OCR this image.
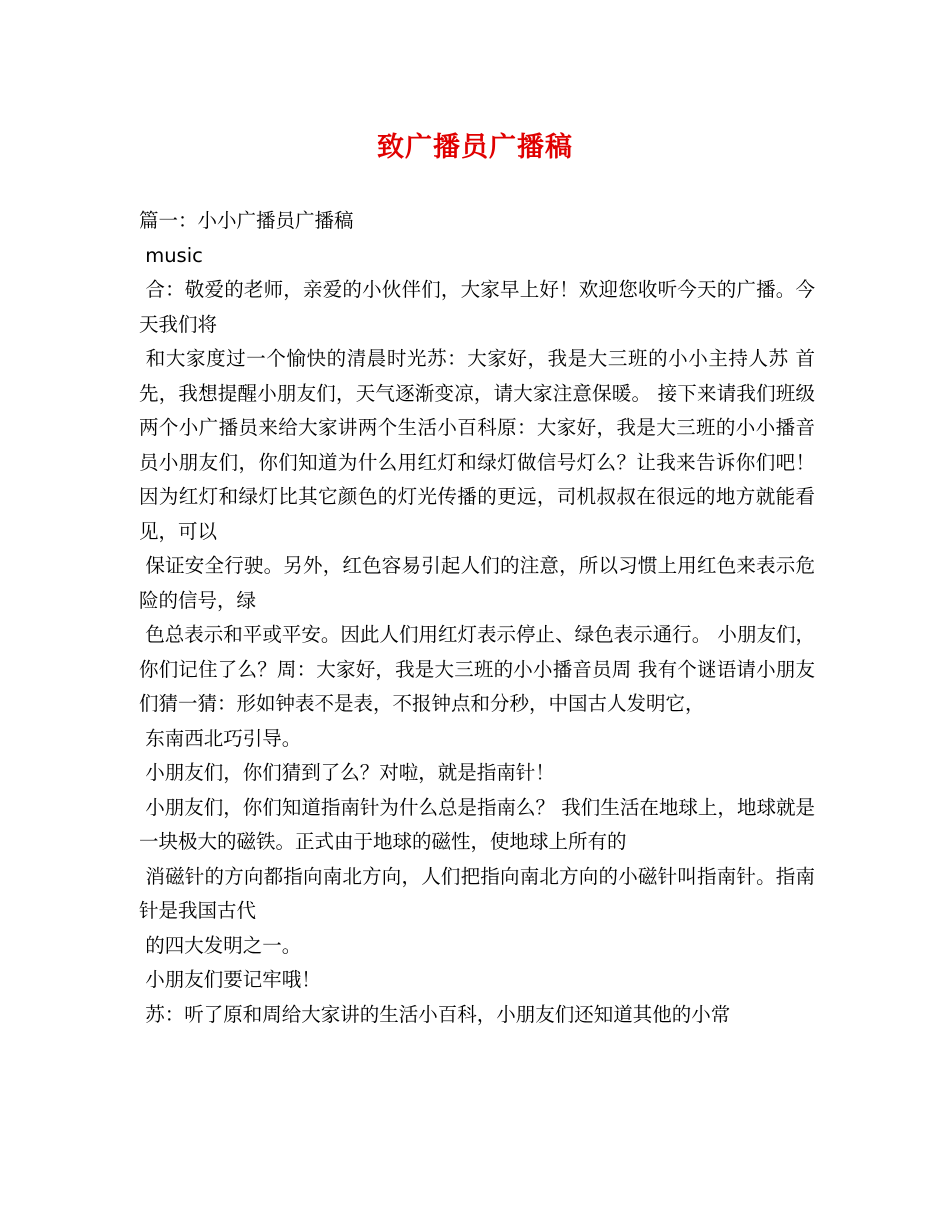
致广播员广播稿

篇一：小小广播员广播稿

music

合：敬爱的老师，亲爱的小伙伴们，大家早上好！欢迎您收听今天的广播。今天我们将

和大家度过一个愉快的清晨时光苏：大家好，我是大三班的小小主持人苏 首先，我想提醒小朋友们，天气逐渐变凉，请大家注意保暖。 接下来请我们班级两个小广播员来给大家讲两个生活小百科原：大家好，我是大三班的小小播音员小朋友们，你们知道为什么用红灯和绿灯做信号灯么？让我来告诉你们吧！ 因为红灯和绿灯比其它颜色的灯光传播的更远，司机叔叔在很远的地方就能看见，可以

保证安全行驶。另外，红色容易引起人们的注意，所以习惯上用红色来表示危险的信号，绿

色总表示和平或平安。因此人们用红灯表示停止、绿色表示通行。 小朋友们，你们记住了么？周：大家好，我是大三班的小小播音员周 我有个谜语请小朋友们猜一猜：形如钟表不是表，不报钟点和分秒，中国古人发明它，

东南西北巧引导。

小朋友们，你们猜到了么？对啦，就是指南针！

小朋友们，你们知道指南针为什么总是指南么？ 我们生活在地球上，地球就是一块极大的磁铁。正式由于地球的磁性，使地球上所有的

消磁针的方向都指向南北方向，人们把指向南北方向的小磁针叫指南针。指南针是我国古代

的四大发明之一。

小朋友们要记牢哦！

苏：听了原和周给大家讲的生活小百科，小朋友们还知道其他的小常
